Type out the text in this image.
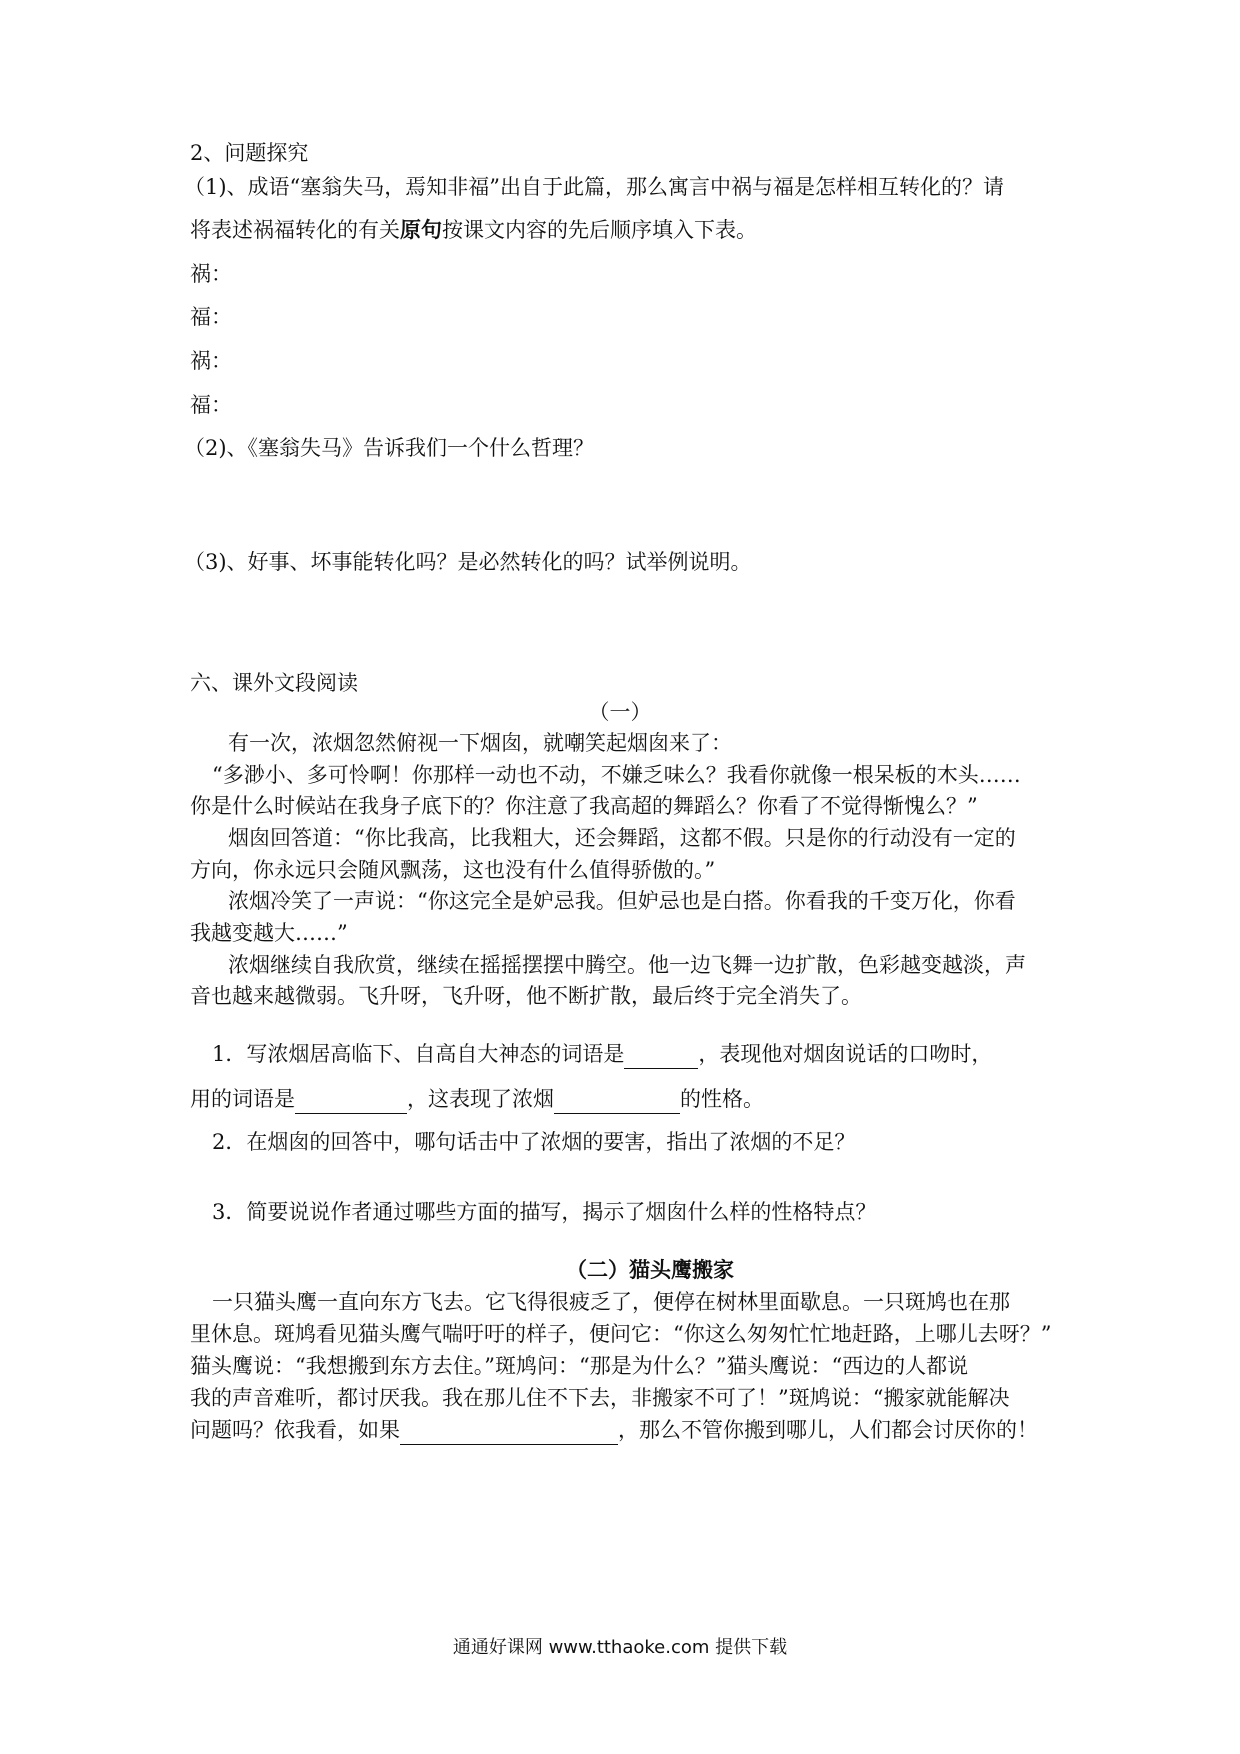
2、问题探究
（1)、成语“塞翁失马，焉知非福”出自于此篇，那么寓言中祸与福是怎样相互转化的？请
将表述祸福转化的有关原句按课文内容的先后顺序填入下表。
祸：
福：
祸：
福：
（2)、《塞翁失马》告诉我们一个什么哲理？
（3)、好事、坏事能转化吗？是必然转化的吗？试举例说明。
六、课外文段阅读
（一）
有一次，浓烟忽然俯视一下烟囱，就嘲笑起烟囱来了：
“多渺小、多可怜啊！你那样一动也不动，不嫌乏味么？我看你就像一根呆板的木头……
你是什么时候站在我身子底下的？你注意了我高超的舞蹈么？你看了不觉得惭愧么？”
烟囱回答道：“你比我高，比我粗大，还会舞蹈，这都不假。只是你的行动没有一定的
方向，你永远只会随风飘荡，这也没有什么值得骄傲的。”
浓烟冷笑了一声说：“你这完全是妒忌我。但妒忌也是白搭。你看我的千变万化，你看
我越变越大……”
浓烟继续自我欣赏，继续在摇摇摆摆中腾空。他一边飞舞一边扩散，色彩越变越淡，声
音也越来越微弱。飞升呀，飞升呀，他不断扩散，最后终于完全消失了。
1．写浓烟居高临下、自高自大神态的词语是	，表现他对烟囱说话的口吻时，
用的词语是	，这表现了浓烟	的性格。
2．在烟囱的回答中，哪句话击中了浓烟的要害，指出了浓烟的不足？
3．简要说说作者通过哪些方面的描写，揭示了烟囱什么样的性格特点？
（二）猫头鹰搬家
一只猫头鹰一直向东方飞去。它飞得很疲乏了，便停在树林里面歇息。一只斑鸠也在那
里休息。斑鸠看见猫头鹰气喘吁吁的样子，便问它：“你这么匆匆忙忙地赶路，上哪儿去呀？”
猫头鹰说：“我想搬到东方去住。”斑鸠问：“那是为什么？”猫头鹰说：“西边的人都说
我的声音难听，都讨厌我。我在那儿住不下去，非搬家不可了！”斑鸠说：“搬家就能解决
问题吗？依我看，如果	，那么不管你搬到哪儿，人们都会讨厌你的！
通通好课网 www.tthaoke.com 提供下载
